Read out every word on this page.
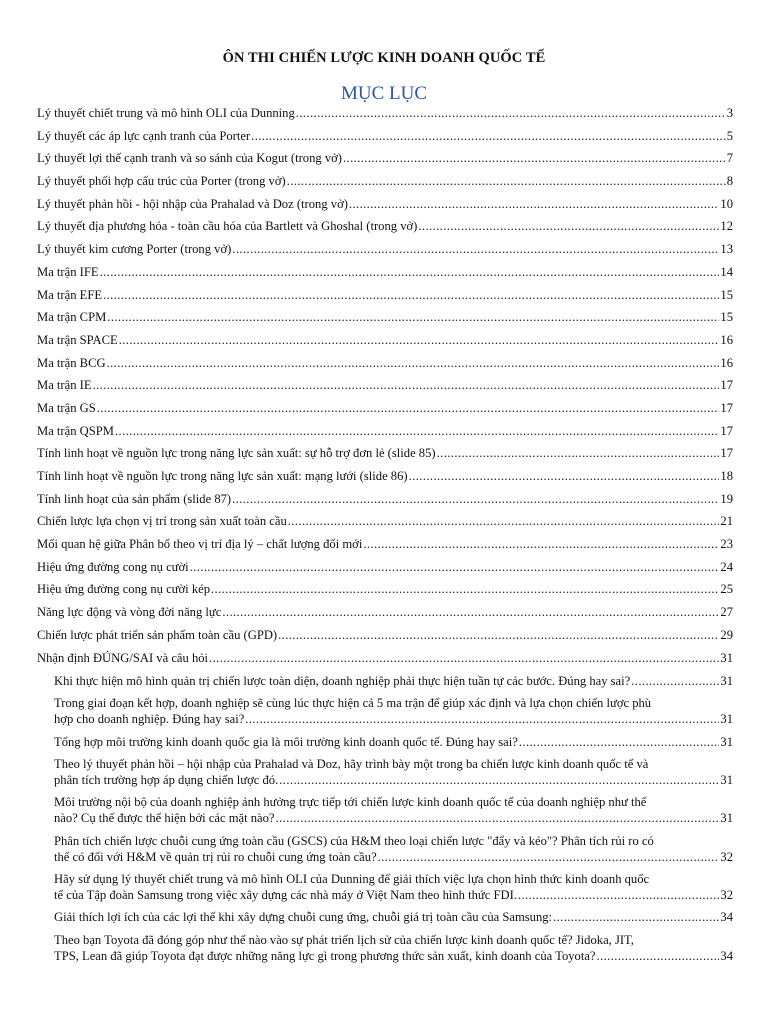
ÔN THI CHIẾN LƯỢC KINH DOANH QUỐC TẾ
MỤC LỤC
Lý thuyết chiết trung và mô hình OLI của Dunning .....	3
Lý thuyết các áp lực cạnh tranh của Porter .....	5
Lý thuyết lợi thế cạnh tranh và so sánh của Kogut (trong vở) .....	7
Lý thuyết phối hợp cấu trúc của Porter (trong vở) .....	8
Lý thuyết phản hồi - hội nhập của Prahalad và Doz (trong vở) .....	10
Lý thuyết địa phương hóa - toàn cầu hóa của Bartlett và Ghoshal (trong vở) .....	12
Lý thuyết kim cương Porter (trong vở) .....	13
Ma trận IFE .....	14
Ma trận EFE .....	15
Ma trận CPM .....	15
Ma trận SPACE .....	16
Ma trận BCG .....	16
Ma trận IE .....	17
Ma trận GS .....	17
Ma trận QSPM .....	17
Tính linh hoạt về nguồn lực trong năng lực sản xuất: sự hỗ trợ đơn lẻ (slide 85) .....	17
Tính linh hoạt về nguồn lực trong năng lực sản xuất: mạng lưới (slide 86) .....	18
Tính linh hoạt của sản phẩm (slide 87) .....	19
Chiến lược lựa chọn vị trí trong sản xuất toàn cầu .....	21
Mối quan hệ giữa Phân bổ theo vị trí địa lý – chất lượng đổi mới .....	23
Hiệu ứng đường cong nụ cười .....	24
Hiệu ứng đường cong nụ cười kép .....	25
Năng lực động và vòng đời năng lực .....	27
Chiến lược phát triển sản phẩm toàn cầu (GPD) .....	29
Nhận định ĐÚNG/SAI và câu hỏi .....	31
Khi thực hiện mô hình quản trị chiến lược toàn diện, doanh nghiệp phải thực hiện tuần tự các bước. Đúng hay sai? .....	31
Trong giai đoạn kết hợp, doanh nghiệp sẽ cùng lúc thực hiện cả 5 ma trận để giúp xác định và lựa chọn chiến lược phù
hợp cho doanh nghiệp. Đúng hay sai? .....	31
Tổng hợp môi trường kinh doanh quốc gia là môi trường kinh doanh quốc tế. Đúng hay sai? .....	31
Theo lý thuyết phản hồi – hội nhập của Prahalad và Doz, hãy trình bày một trong ba chiến lược kinh doanh quốc tế và
phân tích trường hợp áp dụng chiến lược đó. .....	31
Môi trường nội bộ của doanh nghiệp ảnh hưởng trực tiếp tới chiến lược kinh doanh quốc tế của doanh nghiệp như thế
nào? Cụ thể được thể hiện bởi các mặt nào? .....	31
Phân tích chiến lược chuỗi cung ứng toàn cầu (GSCS) của H&M theo loại chiến lược "đẩy và kéo"? Phân tích rủi ro có
thể có đối với H&M về quản trị rủi ro chuỗi cung ứng toàn cầu? .....	32
Hãy sử dụng lý thuyết chiết trung và mô hình OLI của Dunning để giải thích việc lựa chọn hình thức kinh doanh quốc
tế của Tập đoàn Samsung trong việc xây dựng các nhà máy ở Việt Nam theo hình thức FDI. .....	32
Giải thích lợi ích của các lợi thế khi xây dựng chuỗi cung ứng, chuỗi giá trị toàn cầu của Samsung: .....	34
Theo bạn Toyota đã đóng góp như thế nào vào sự phát triển lịch sử của chiến lược kinh doanh quốc tế? Jidoka, JIT,
TPS, Lean đã giúp Toyota đạt được những năng lực gì trong phương thức sản xuất, kinh doanh của Toyota? .....	34
